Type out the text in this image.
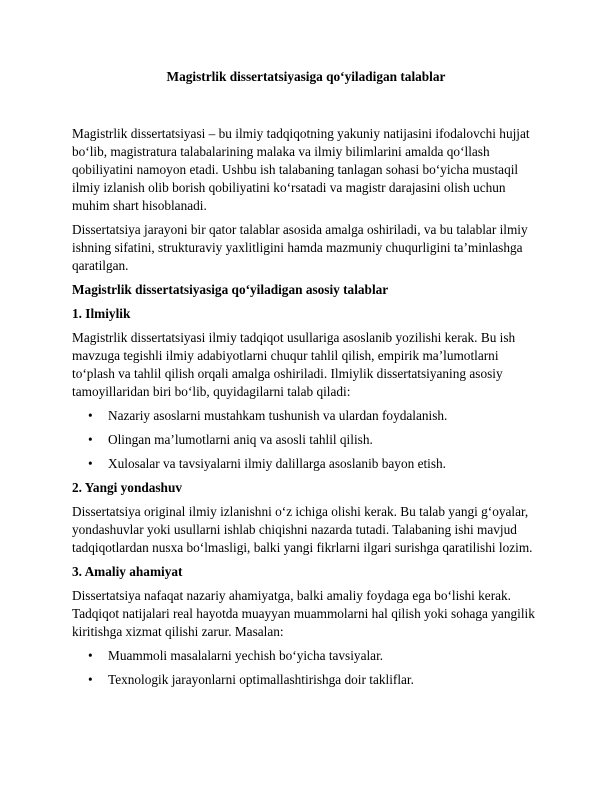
Magistrlik dissertatsiyasiga qo‘yiladigan talablar

Magistrlik dissertatsiyasi – bu ilmiy tadqiqotning yakuniy natijasini ifodalovchi hujjat bo‘lib, magistratura talabalarining malaka va ilmiy bilimlarini amalda qo‘llash qobiliyatini namoyon etadi. Ushbu ish talabaning tanlagan sohasi bo‘yicha mustaqil ilmiy izlanish olib borish qobiliyatini ko‘rsatadi va magistr darajasini olish uchun muhim shart hisoblanadi.

Dissertatsiya jarayoni bir qator talablar asosida amalga oshiriladi, va bu talablar ilmiy ishning sifatini, strukturaviy yaxlitligini hamda mazmuniy chuqurligini ta’minlashga qaratilgan.

Magistrlik dissertatsiyasiga qo‘yiladigan asosiy talablar

1. Ilmiylik

Magistrlik dissertatsiyasi ilmiy tadqiqot usullariga asoslanib yozilishi kerak. Bu ish mavzuga tegishli ilmiy adabiyotlarni chuqur tahlil qilish, empirik ma’lumotlarni to‘plash va tahlil qilish orqali amalga oshiriladi. Ilmiylik dissertatsiyaning asosiy tamoyillaridan biri bo‘lib, quyidagilarni talab qiladi:

• Nazariy asoslarni mustahkam tushunish va ulardan foydalanish.
• Olingan ma’lumotlarni aniq va asosli tahlil qilish.
• Xulosalar va tavsiyalarni ilmiy dalillarga asoslanib bayon etish.

2. Yangi yondashuv

Dissertatsiya original ilmiy izlanishni o‘z ichiga olishi kerak. Bu talab yangi g‘oyalar, yondashuvlar yoki usullarni ishlab chiqishni nazarda tutadi. Talabaning ishi mavjud tadqiqotlardan nusxa bo‘lmasligi, balki yangi fikrlarni ilgari surishga qaratilishi lozim.

3. Amaliy ahamiyat

Dissertatsiya nafaqat nazariy ahamiyatga, balki amaliy foydaga ega bo‘lishi kerak. Tadqiqot natijalari real hayotda muayyan muammolarni hal qilish yoki sohaga yangilik kiritishga xizmat qilishi zarur. Masalan:

• Muammoli masalalarni yechish bo‘yicha tavsiyalar.
• Texnologik jarayonlarni optimallashtirishga doir takliflar.
